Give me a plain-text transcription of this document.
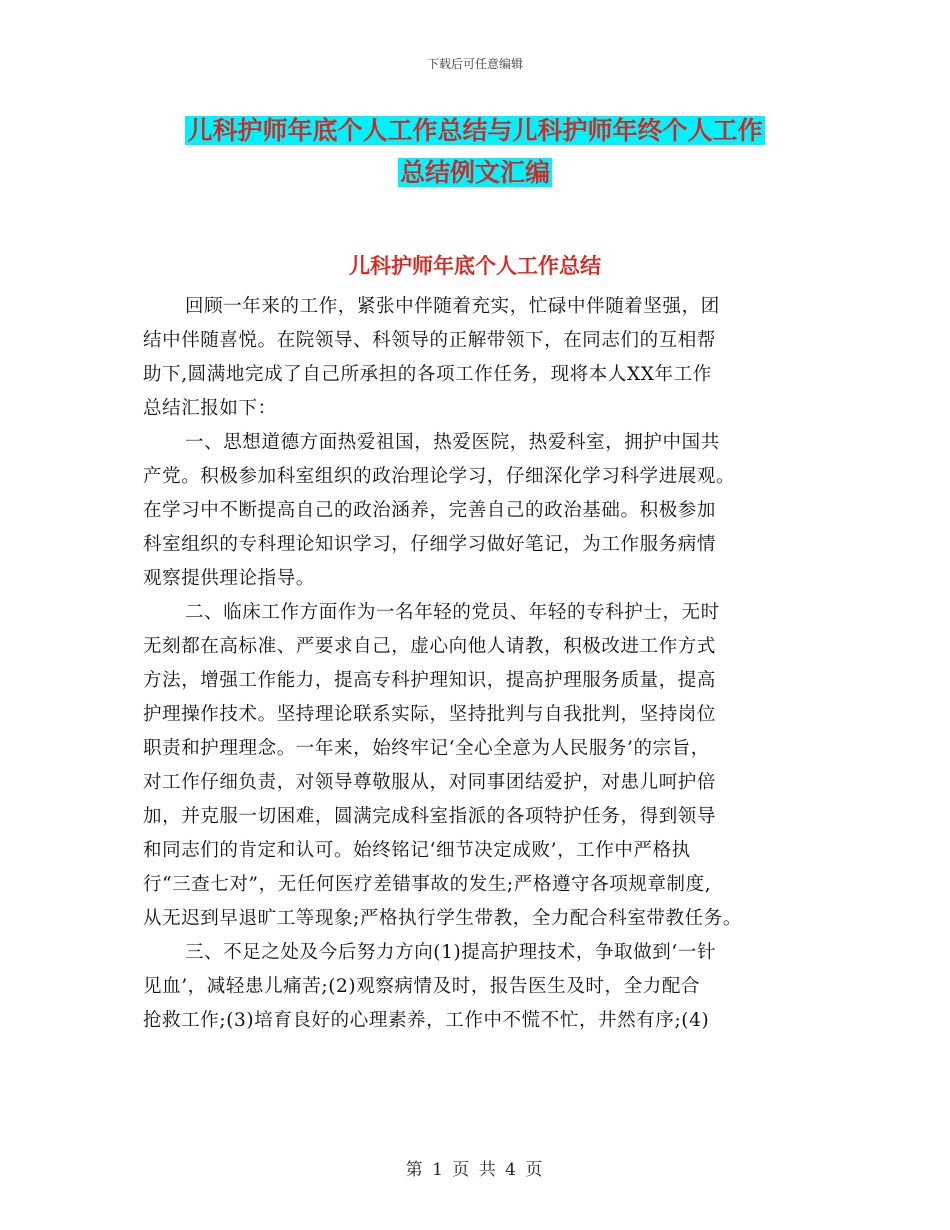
下载后可任意编辑
儿科护师年底个人工作总结与儿科护师年终个人工作
总结例文汇编
儿科护师年底个人工作总结
回顾一年来的工作，紧张中伴随着充实，忙碌中伴随着坚强，团
结中伴随喜悦。在院领导、科领导的正解带领下，在同志们的互相帮
助下,圆满地完成了自己所承担的各项工作任务，现将本人XX年工作
总结汇报如下：
一、思想道德方面热爱祖国，热爱医院，热爱科室，拥护中国共
产党。积极参加科室组织的政治理论学习，仔细深化学习科学进展观。
在学习中不断提高自己的政治涵养，完善自己的政治基础。积极参加
科室组织的专科理论知识学习，仔细学习做好笔记，为工作服务病情
观察提供理论指导。
二、临床工作方面作为一名年轻的党员、年轻的专科护士，无时
无刻都在高标准、严要求自己，虚心向他人请教，积极改进工作方式
方法，增强工作能力，提高专科护理知识，提高护理服务质量，提高
护理操作技术。坚持理论联系实际，坚持批判与自我批判，坚持岗位
职责和护理理念。一年来，始终牢记‘全心全意为人民服务’的宗旨，
对工作仔细负责，对领导尊敬服从，对同事团结爱护，对患儿呵护倍
加，并克服一切困难，圆满完成科室指派的各项特护任务，得到领导
和同志们的肯定和认可。始终铭记‘细节决定成败’，工作中严格执
行“三查七对”，无任何医疗差错事故的发生;严格遵守各项规章制度,
从无迟到早退旷工等现象;严格执行学生带教，全力配合科室带教任务。
三、不足之处及今后努力方向(1)提高护理技术，争取做到‘一针
见血’，减轻患儿痛苦;(2)观察病情及时，报告医生及时，全力配合
抢救工作;(3)培育良好的心理素养，工作中不慌不忙，井然有序;(4)
第 1 页 共 4 页
